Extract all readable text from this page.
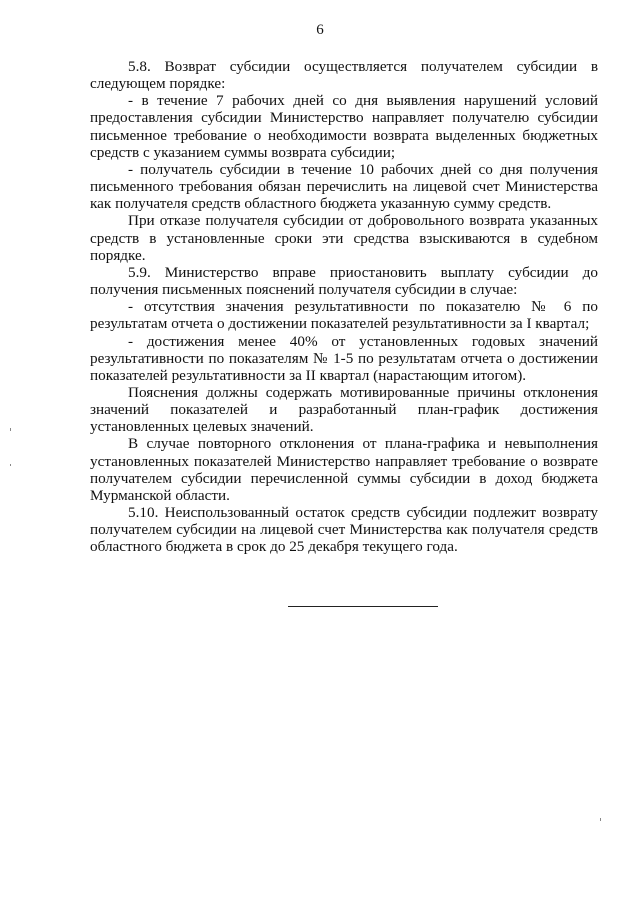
6

5.8. Возврат субсидии осуществляется получателем субсидии в следующем порядке:

- в течение 7 рабочих дней со дня выявления нарушений условий предоставления субсидии Министерство направляет получателю субсидии письменное требование о необходимости возврата выделенных бюджетных средств с указанием суммы возврата субсидии;

- получатель субсидии в течение 10 рабочих дней со дня получения письменного требования обязан перечислить на лицевой счет Министерства как получателя средств областного бюджета указанную сумму средств.

При отказе получателя субсидии от добровольного возврата указанных средств в установленные сроки эти средства взыскиваются в судебном порядке.

5.9. Министерство вправе приостановить выплату субсидии до получения письменных пояснений получателя субсидии в случае:

- отсутствия значения результативности по показателю № 6 по результатам отчета о достижении показателей результативности за I квартал;

- достижения менее 40% от установленных годовых значений результативности по показателям № 1-5 по результатам отчета о достижении показателей результативности за II квартал (нарастающим итогом).

Пояснения должны содержать мотивированные причины отклонения значений показателей и разработанный план-график достижения установленных целевых значений.

В случае повторного отклонения от плана-графика и невыполнения установленных показателей Министерство направляет требование о возврате получателем субсидии перечисленной суммы субсидии в доход бюджета Мурманской области.

5.10. Неиспользованный остаток средств субсидии подлежит возврату получателем субсидии на лицевой счет Министерства как получателя средств областного бюджета в срок до 25 декабря текущего года.
